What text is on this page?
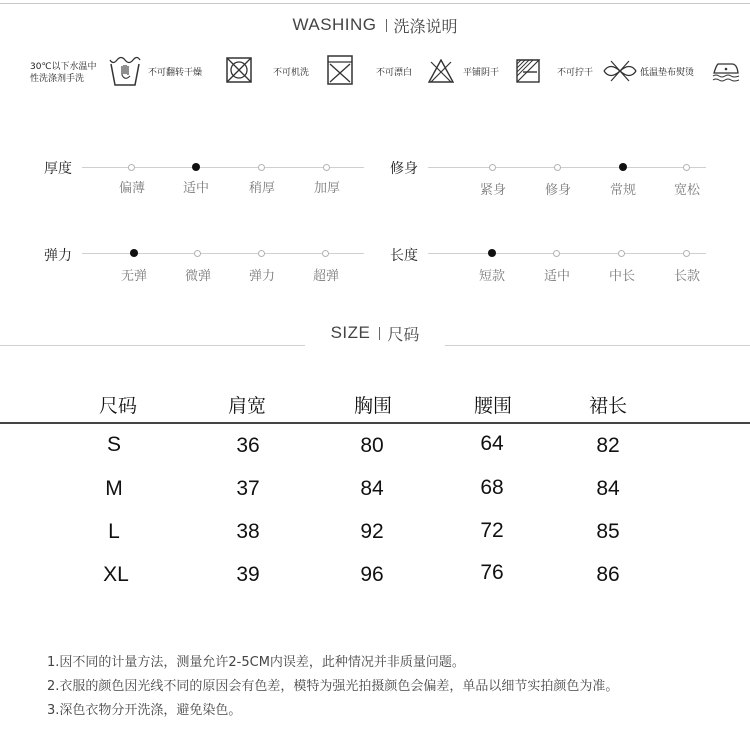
WASHING 洗涤说明
30℃以下水温中
性洗涤剂手洗
不可翻转干燥	不可机洗	不可漂白	平铺阴干	不可拧干	低温垫布熨烫
厚度
偏薄	适中	稍厚	加厚
修身
紧身	修身	常规	宽松
弹力
无弹	微弹	弹力	超弹
长度
短款	适中	中长	长款
SIZE 尺码
尺码	肩宽	胸围	腰围	裙长
S	36	80	64	82
M	37	84	68	84
L	38	92	72	85
XL	39	96	76	86
1.因不同的计量方法，测量允许2-5CM内误差，此种情况并非质量问题。
2.衣服的颜色因光线不同的原因会有色差，模特为强光拍摄颜色会偏差，单品以细节实拍颜色为准。
3.深色衣物分开洗涤，避免染色。
